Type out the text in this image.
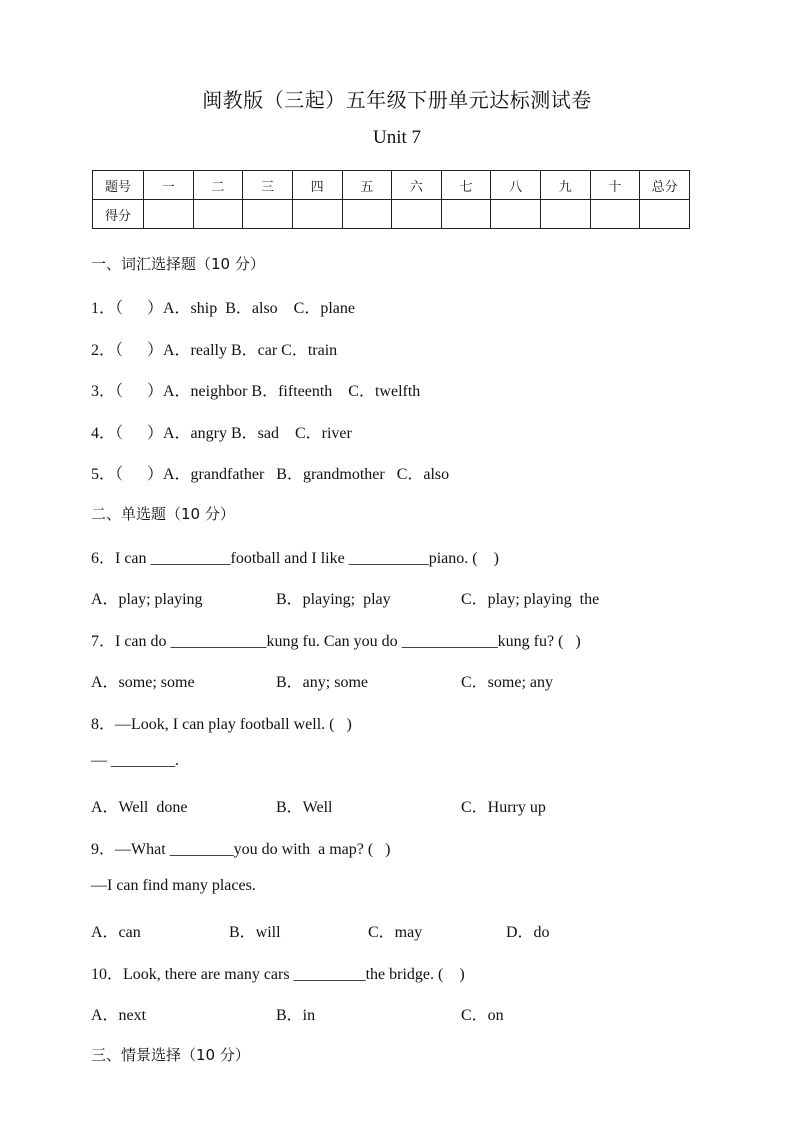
闽教版（三起）五年级下册单元达标测试卷
Unit 7
题号	一	二	三	四	五	六	七	八	九	十	总分
得分											
一、词汇选择题（10 分）
1．（      ）A．ship  B．also    C．plane
2．（      ）A．really B．car C．train
3．（      ）A．neighbor B．fifteenth    C．twelfth
4．（      ）A．angry B．sad    C．river
5．（      ）A．grandfather   B．grandmother   C．also
二、单选题（10 分）
6．I can __________football and I like __________piano. (    )
A．play; playing	B．playing;  play	C．play; playing  the
7．I can do ____________kung fu. Can you do ____________kung fu? (   )
A．some; some	B．any; some	C．some; any
8．—Look, I can play football well. (   )
— ________.
A．Well  done	B．Well	C．Hurry up
9．—What ________you do with  a map? (   )
—I can find many places.
A．can	B．will	C．may	D．do
10．Look, there are many cars _________the bridge. (    )
A．next	B．in	C．on
三、情景选择（10 分）
